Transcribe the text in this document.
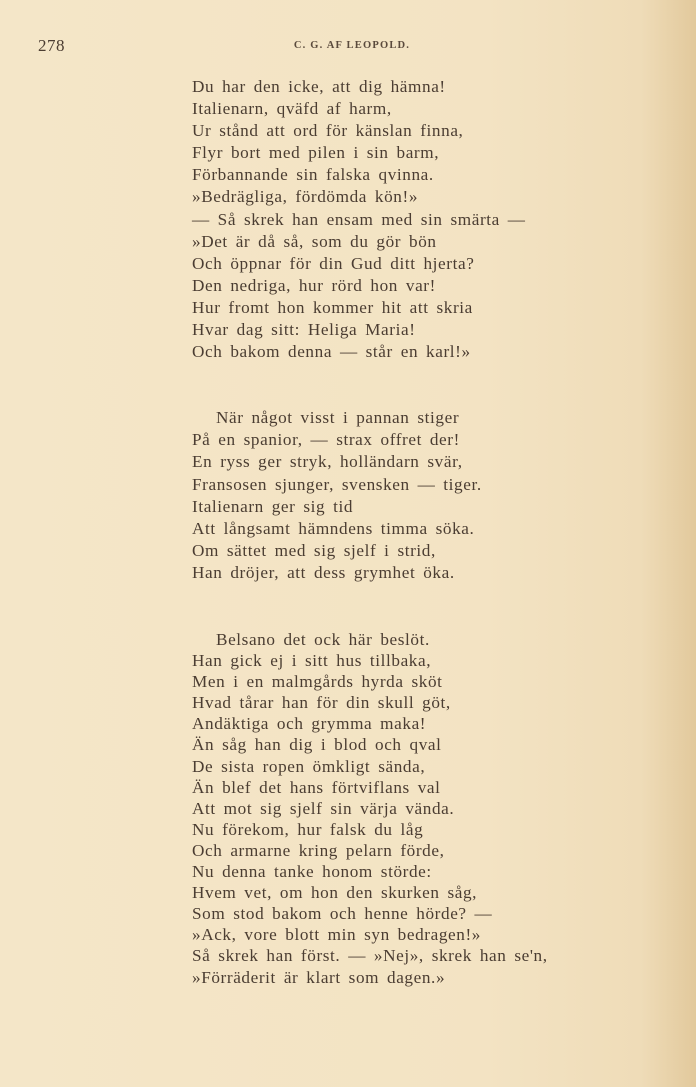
278	C. G. AF LEOPOLD.
Du har den icke, att dig hämna!
Italienarn, qväfd af harm,
Ur stånd att ord för känslan finna,
Flyr bort med pilen i sin barm,
Förbannande sin falska qvinna.
»Bedrägliga, fördömda kön!»
— Så skrek han ensam med sin smärta —
»Det är då så, som du gör bön
Och öppnar för din Gud ditt hjerta?
Den nedriga, hur rörd hon var!
Hur fromt hon kommer hit att skria
Hvar dag sitt: Heliga Maria!
Och bakom denna — står en karl!»
När något visst i pannan stiger
På en spanior, — strax offret der!
En ryss ger stryk, holländarn svär,
Fransosen sjunger, svensken — tiger.
Italienarn ger sig tid
Att långsamt hämndens timma söka.
Om sättet med sig sjelf i strid,
Han dröjer, att dess grymhet öka.
Belsano det ock här beslöt.
Han gick ej i sitt hus tillbaka,
Men i en malmgårds hyrda sköt
Hvad tårar han för din skull göt,
Andäktiga och grymma maka!
Än såg han dig i blod och qval
De sista ropen ömkligt sända,
Än blef det hans förtviflans val
Att mot sig sjelf sin värja vända.
Nu förekom, hur falsk du låg
Och armarne kring pelarn förde,
Nu denna tanke honom störde:
Hvem vet, om hon den skurken såg,
Som stod bakom och henne hörde? —
»Ack, vore blott min syn bedragen!»
Så skrek han först. — »Nej», skrek han se'n,
»Förräderit är klart som dagen.»
